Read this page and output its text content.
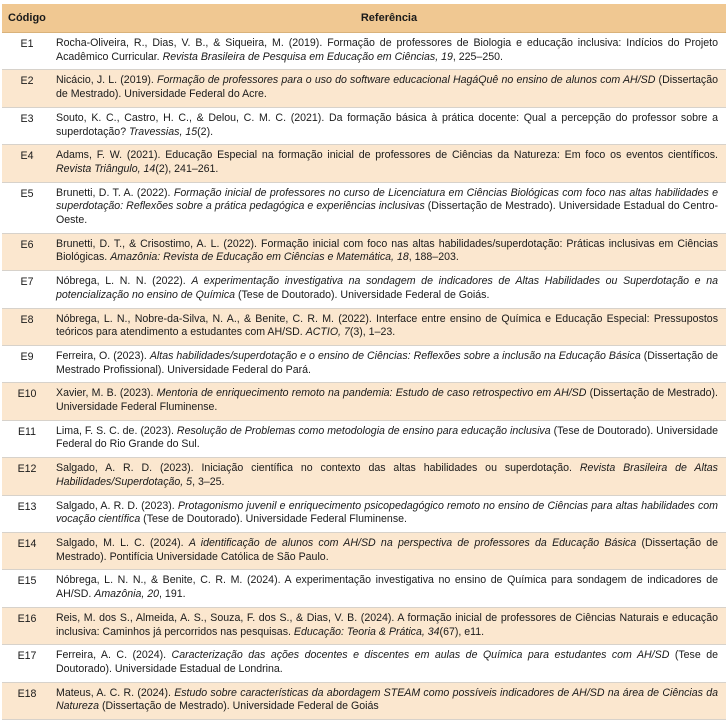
Código	Referência
E1	Rocha-Oliveira, R., Dias, V. B., & Siqueira, M. (2019). Formação de professores de Biologia e educação inclusiva: Indícios do Projeto Acadêmico Curricular. Revista Brasileira de Pesquisa em Educação em Ciências, 19, 225–250.
E2	Nicácio, J. L. (2019). Formação de professores para o uso do software educacional HagáQuê no ensino de alunos com AH/SD (Dissertação de Mestrado). Universidade Federal do Acre.
E3	Souto, K. C., Castro, H. C., & Delou, C. M. C. (2021). Da formação básica à prática docente: Qual a percepção do professor sobre a superdotação? Travessias, 15(2).
E4	Adams, F. W. (2021). Educação Especial na formação inicial de professores de Ciências da Natureza: Em foco os eventos científicos. Revista Triângulo, 14(2), 241–261.
E5	Brunetti, D. T. A. (2022). Formação inicial de professores no curso de Licenciatura em Ciências Biológicas com foco nas altas habilidades e superdotação: Reflexões sobre a prática pedagógica e experiências inclusivas (Dissertação de Mestrado). Universidade Estadual do Centro-Oeste.
E6	Brunetti, D. T., & Crisostimo, A. L. (2022). Formação inicial com foco nas altas habilidades/superdotação: Práticas inclusivas em Ciências Biológicas. Amazônia: Revista de Educação em Ciências e Matemática, 18, 188–203.
E7	Nóbrega, L. N. N. (2022). A experimentação investigativa na sondagem de indicadores de Altas Habilidades ou Superdotação e na potencialização no ensino de Química (Tese de Doutorado). Universidade Federal de Goiás.
E8	Nóbrega, L. N., Nobre-da-Silva, N. A., & Benite, C. R. M. (2022). Interface entre ensino de Química e Educação Especial: Pressupostos teóricos para atendimento a estudantes com AH/SD. ACTIO, 7(3), 1–23.
E9	Ferreira, O. (2023). Altas habilidades/superdotação e o ensino de Ciências: Reflexões sobre a inclusão na Educação Básica (Dissertação de Mestrado Profissional). Universidade Federal do Pará.
E10	Xavier, M. B. (2023). Mentoria de enriquecimento remoto na pandemia: Estudo de caso retrospectivo em AH/SD (Dissertação de Mestrado). Universidade Federal Fluminense.
E11	Lima, F. S. C. de. (2023). Resolução de Problemas como metodologia de ensino para educação inclusiva (Tese de Doutorado). Universidade Federal do Rio Grande do Sul.
E12	Salgado, A. R. D. (2023). Iniciação científica no contexto das altas habilidades ou superdotação. Revista Brasileira de Altas Habilidades/Superdotação, 5, 3–25.
E13	Salgado, A. R. D. (2023). Protagonismo juvenil e enriquecimento psicopedagógico remoto no ensino de Ciências para altas habilidades com vocação científica (Tese de Doutorado). Universidade Federal Fluminense.
E14	Salgado, M. L. C. (2024). A identificação de alunos com AH/SD na perspectiva de professores da Educação Básica (Dissertação de Mestrado). Pontifícia Universidade Católica de São Paulo.
E15	Nóbrega, L. N. N., & Benite, C. R. M. (2024). A experimentação investigativa no ensino de Química para sondagem de indicadores de AH/SD. Amazônia, 20, 191.
E16	Reis, M. dos S., Almeida, A. S., Souza, F. dos S., & Dias, V. B. (2024). A formação inicial de professores de Ciências Naturais e educação inclusiva: Caminhos já percorridos nas pesquisas. Educação: Teoria & Prática, 34(67), e11.
E17	Ferreira, A. C. (2024). Caracterização das ações docentes e discentes em aulas de Química para estudantes com AH/SD (Tese de Doutorado). Universidade Estadual de Londrina.
E18	Mateus, A. C. R. (2024). Estudo sobre características da abordagem STEAM como possíveis indicadores de AH/SD na área de Ciências da Natureza (Dissertação de Mestrado). Universidade Federal de Goiás
